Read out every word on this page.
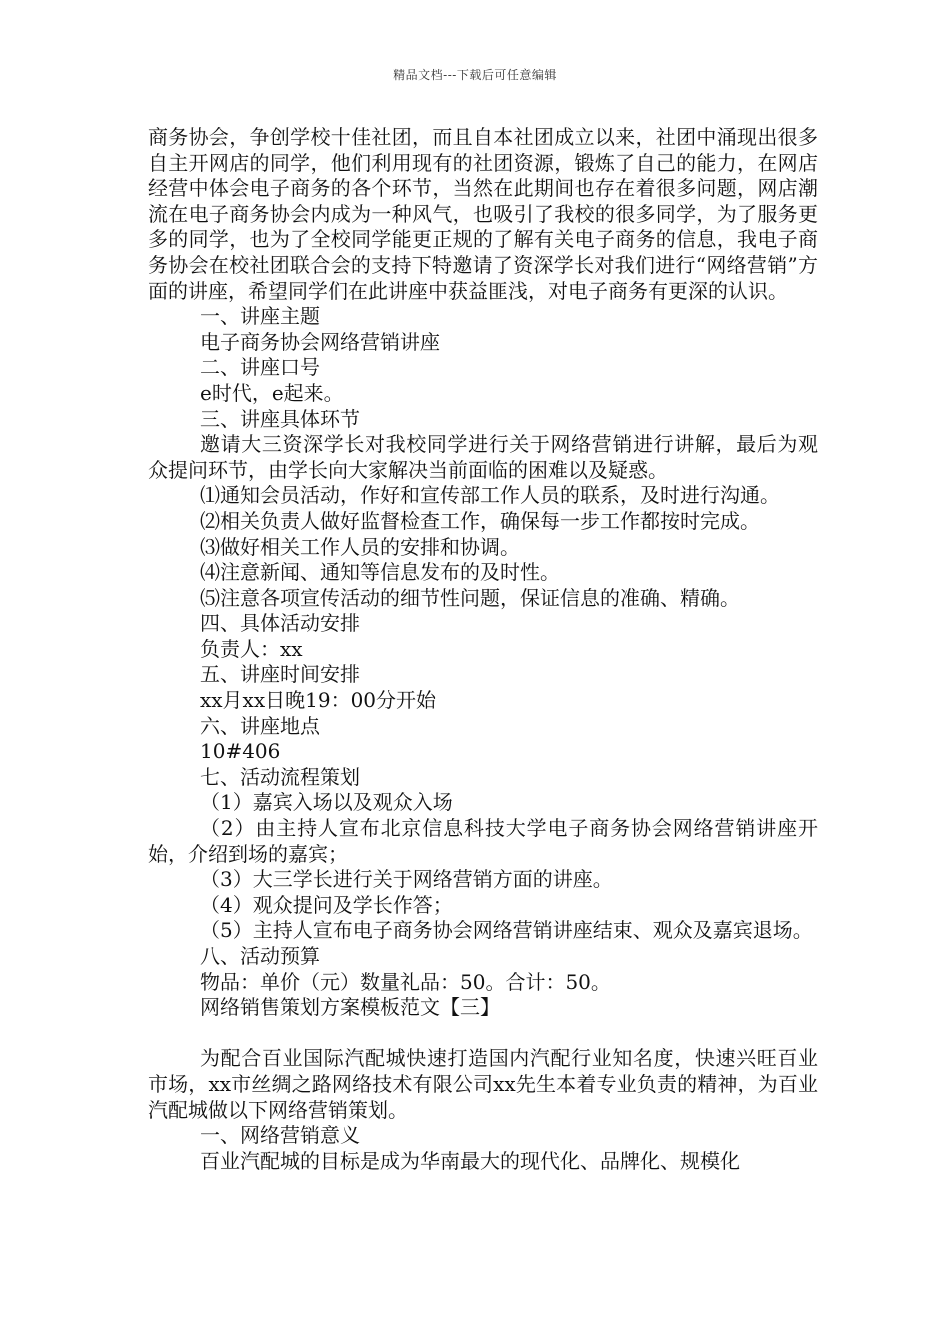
精品文档---下载后可任意编辑

商务协会，争创学校十佳社团，而且自本社团成立以来，社团中涌现出很多自主开网店的同学，他们利用现有的社团资源，锻炼了自己的能力，在网店经营中体会电子商务的各个环节，当然在此期间也存在着很多问题，网店潮流在电子商务协会内成为一种风气，也吸引了我校的很多同学，为了服务更多的同学，也为了全校同学能更正规的了解有关电子商务的信息，我电子商务协会在校社团联合会的支持下特邀请了资深学长对我们进行“网络营销”方面的讲座，希望同学们在此讲座中获益匪浅，对电子商务有更深的认识。

一、讲座主题

电子商务协会网络营销讲座

二、讲座口号

e时代，e起来。

三、讲座具体环节

邀请大三资深学长对我校同学进行关于网络营销进行讲解，最后为观众提问环节，由学长向大家解决当前面临的困难以及疑惑。

⑴通知会员活动，作好和宣传部工作人员的联系，及时进行沟通。

⑵相关负责人做好监督检查工作，确保每一步工作都按时完成。

⑶做好相关工作人员的安排和协调。

⑷注意新闻、通知等信息发布的及时性。

⑸注意各项宣传活动的细节性问题，保证信息的准确、精确。

四、具体活动安排

负责人：xx

五、讲座时间安排

xx月xx日晚19：00分开始

六、讲座地点

10#406

七、活动流程策划

（1）嘉宾入场以及观众入场

（2）由主持人宣布北京信息科技大学电子商务协会网络营销讲座开始，介绍到场的嘉宾；

（3）大三学长进行关于网络营销方面的讲座。

（4）观众提问及学长作答；

（5）主持人宣布电子商务协会网络营销讲座结束、观众及嘉宾退场。

八、活动预算

物品：单价（元）数量礼品：50。合计：50。

网络销售策划方案模板范文【三】

为配合百业国际汽配城快速打造国内汽配行业知名度，快速兴旺百业市场，xx市丝绸之路网络技术有限公司xx先生本着专业负责的精神，为百业汽配城做以下网络营销策划。

一、网络营销意义

百业汽配城的目标是成为华南最大的现代化、品牌化、规模化
